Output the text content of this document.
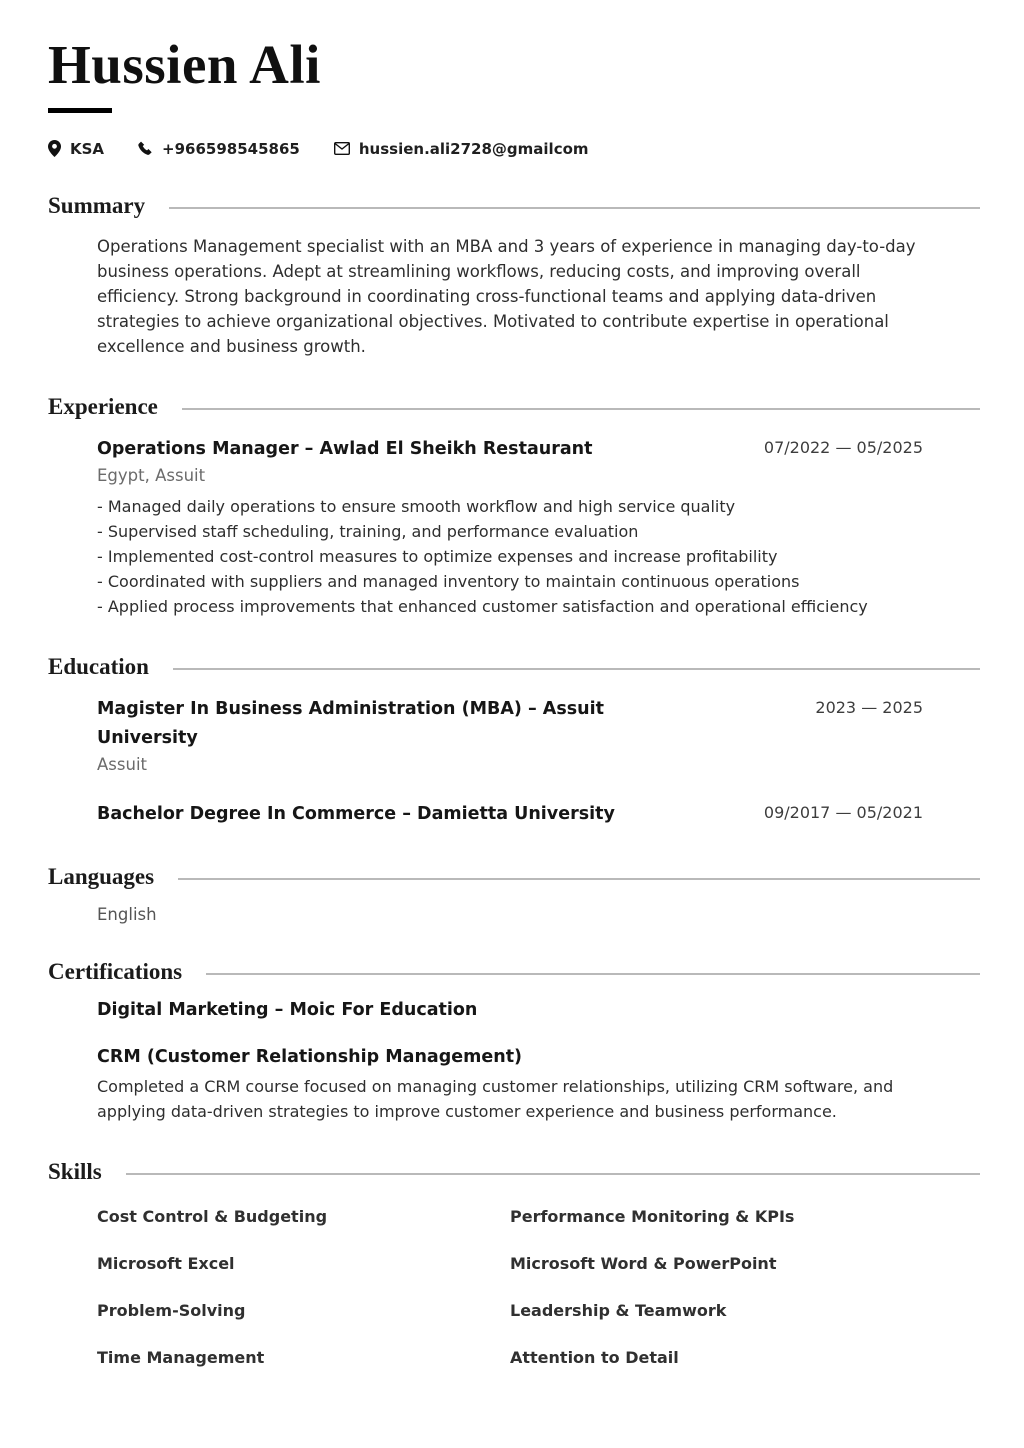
Hussien Ali
KSA	+966598545865	hussien.ali2728@gmailcom
Summary

Operations Management specialist with an MBA and 3 years of experience in managing day-to-day business operations. Adept at streamlining workflows, reducing costs, and improving overall efficiency. Strong background in coordinating cross-functional teams and applying data-driven strategies to achieve organizational objectives. Motivated to contribute expertise in operational excellence and business growth.

Experience
Operations Manager – Awlad El Sheikh Restaurant	07/2022 — 05/2025
Egypt, Assuit
- Managed daily operations to ensure smooth workflow and high service quality
- Supervised staff scheduling, training, and performance evaluation
- Implemented cost-control measures to optimize expenses and increase profitability
- Coordinated with suppliers and managed inventory to maintain continuous operations
- Applied process improvements that enhanced customer satisfaction and operational efficiency
Education
Magister In Business Administration (MBA) – Assuit University
2023 — 2025
Assuit
Bachelor Degree In Commerce – Damietta University	09/2017 — 05/2021
Languages
English
Certifications
Digital Marketing – Moic For Education
CRM (Customer Relationship Management)
Completed a CRM course focused on managing customer relationships, utilizing CRM software, and applying data-driven strategies to improve customer experience and business performance.
Skills
Cost Control & Budgeting	Performance Monitoring & KPIs
Microsoft Excel	Microsoft Word & PowerPoint
Problem-Solving	Leadership & Teamwork
Time Management	Attention to Detail
